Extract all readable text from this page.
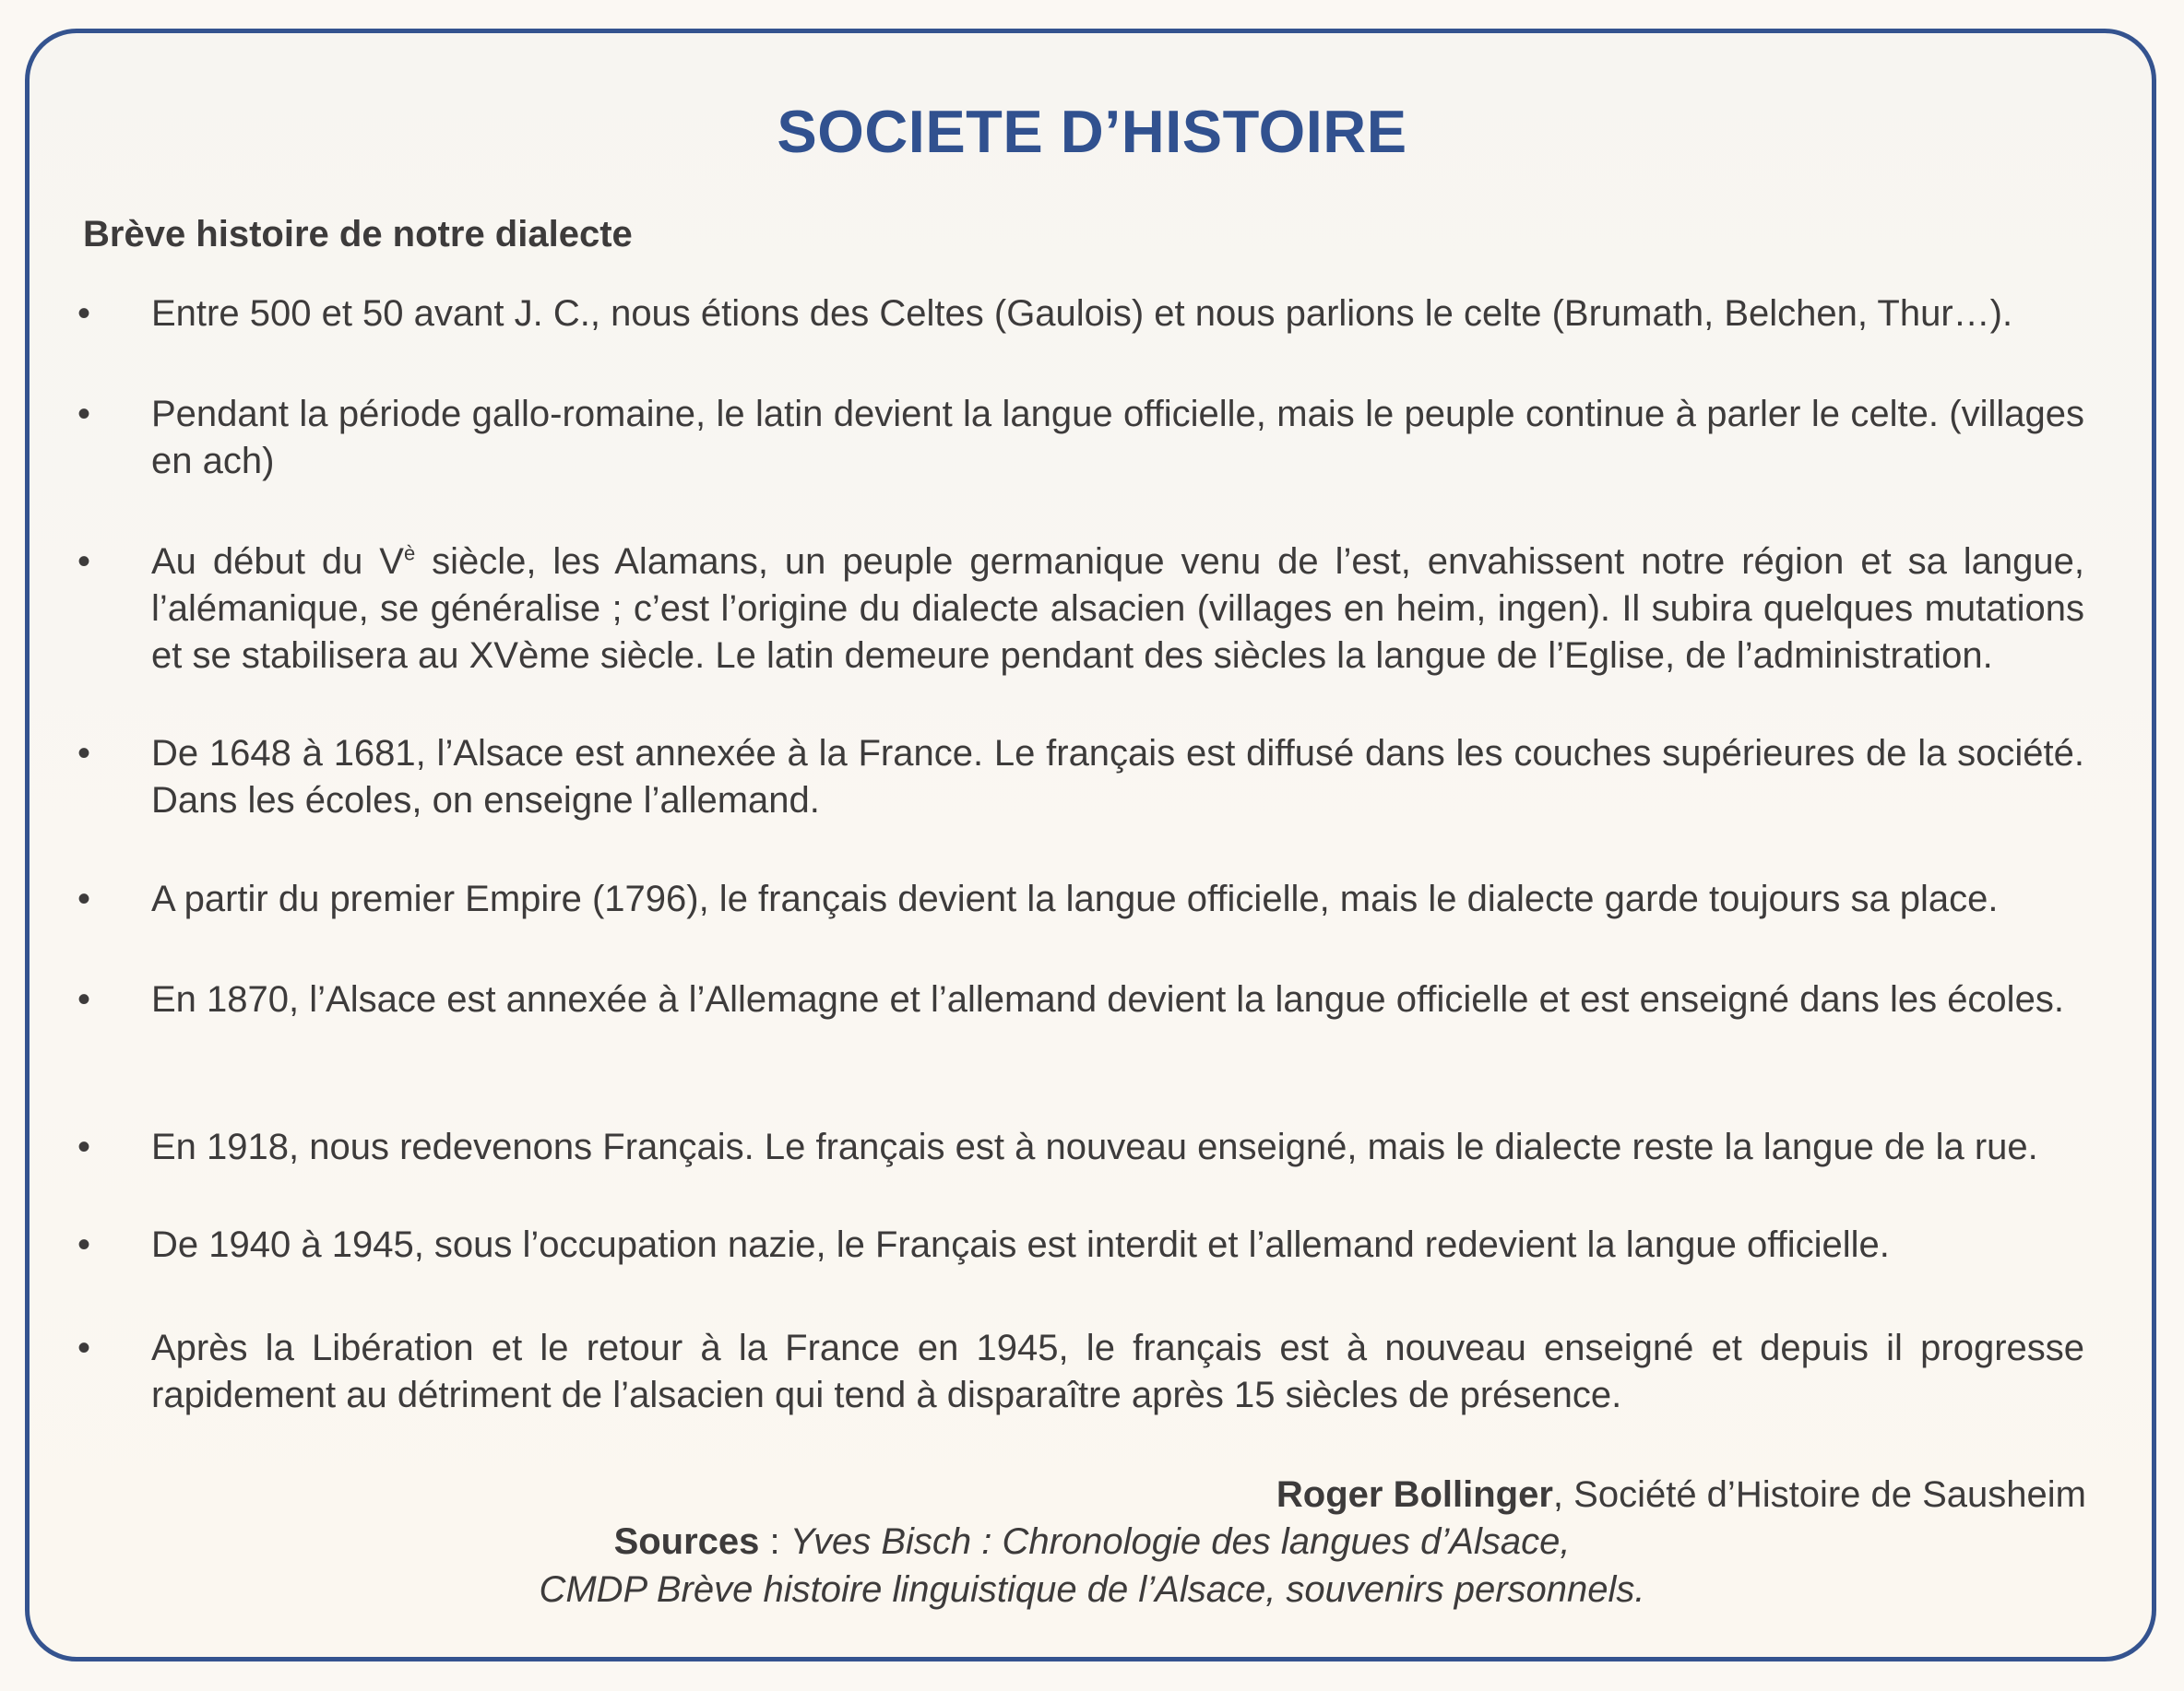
SOCIETE D’HISTOIRE
Brève histoire de notre dialecte
• Entre 500 et 50 avant J. C., nous étions des Celtes (Gaulois) et nous parlions le celte (Brumath, Belchen, Thur…).

• Pendant la période gallo-romaine, le latin devient la langue officielle, mais le peuple continue à parler le celte. (villages en ach)

• Au début du $V^è$ siècle, les Alamans, un peuple germanique venu de l’est, envahissent notre région et sa langue, l’alémanique, se généralise ; c’est l’origine du dialecte alsacien (villages en heim, ingen). Il subira quelques mutations et se stabilisera au XVème siècle. Le latin demeure pendant des siècles la langue de l’Eglise, de l’administration.

• De 1648 à 1681, l’Alsace est annexée à la France. Le français est diffusé dans les couches supérieures de la société. Dans les écoles, on enseigne l’allemand.

• A partir du premier Empire (1796), le français devient la langue officielle, mais le dialecte garde toujours sa place.

• En 1870, l’Alsace est annexée à l’Allemagne et l’allemand devient la langue officielle et est enseigné dans les écoles.

• En 1918, nous redevenons Français. Le français est à nouveau enseigné, mais le dialecte reste la langue de la rue.

• De 1940 à 1945, sous l’occupation nazie, le Français est interdit et l’allemand redevient la langue officielle.

• Après la Libération et le retour à la France en 1945, le français est à nouveau enseigné et depuis il progresse rapidement au détriment de l’alsacien qui tend à disparaître après 15 siècles de présence.

Roger Bollinger, Société d’Histoire de Sausheim

Sources : Yves Bisch : Chronologie des langues d’Alsace,

CMDP Brève histoire linguistique de l’Alsace, souvenirs personnels.
